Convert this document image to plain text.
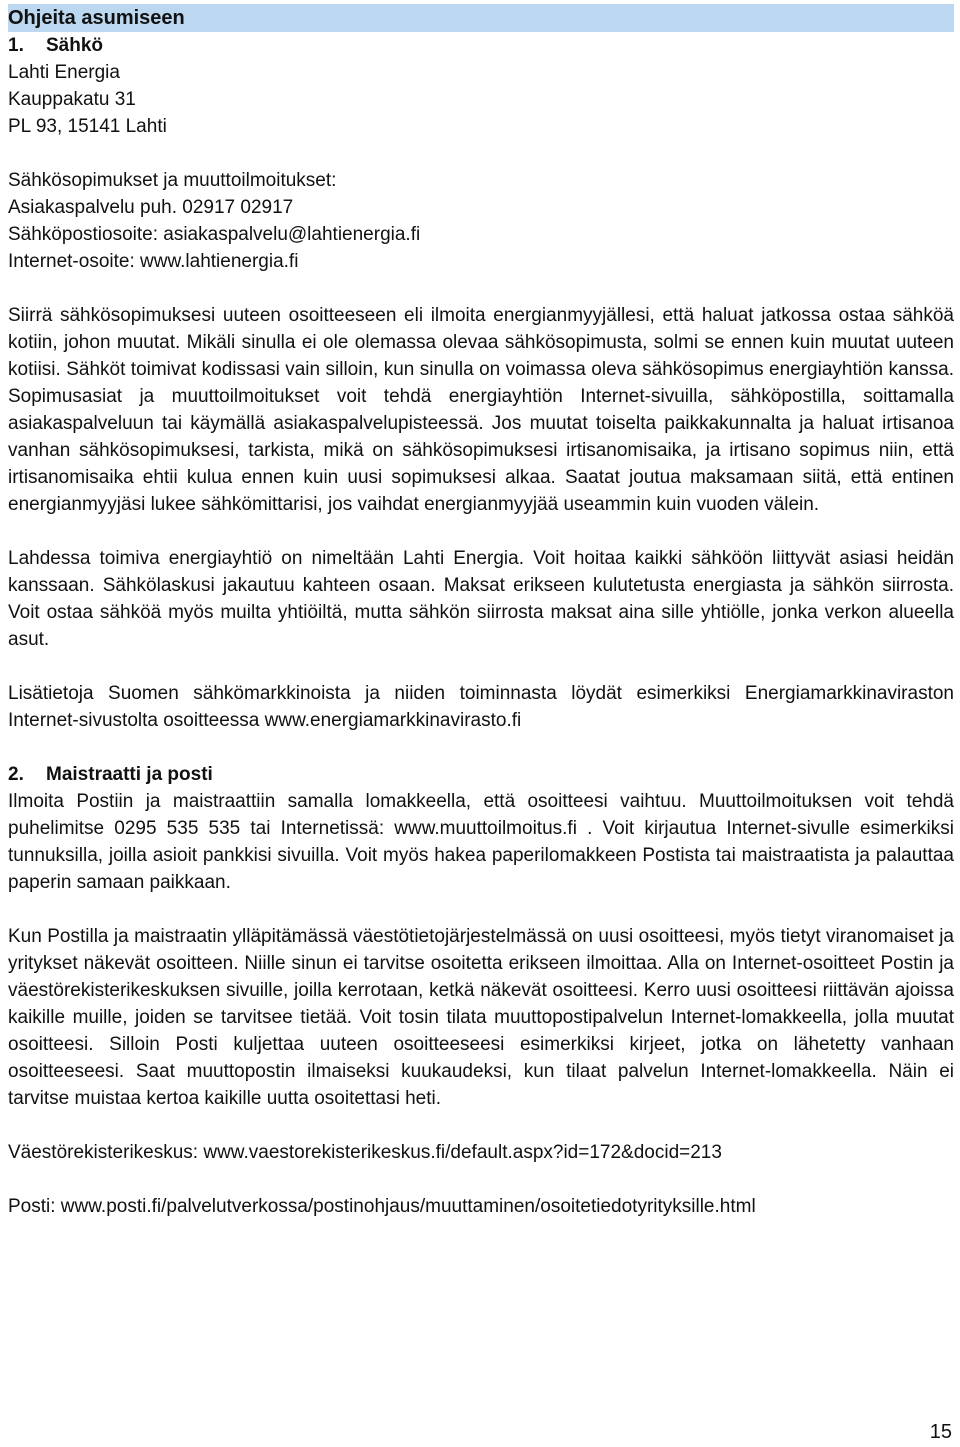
Ohjeita asumiseen
1. Sähkö
Lahti Energia
Kauppakatu 31
PL 93, 15141 Lahti
Sähkösopimukset ja muuttoilmoitukset:
Asiakaspalvelu puh. 02917 02917
Sähköpostiosoite: asiakaspalvelu@lahtienergia.fi
Internet-osoite: www.lahtienergia.fi
Siirrä sähkösopimuksesi uuteen osoitteeseen eli ilmoita energianmyyjällesi, että haluat jatkossa ostaa sähköä kotiin, johon muutat. Mikäli sinulla ei ole olemassa olevaa sähkösopimusta, solmi se ennen kuin muutat uuteen kotiisi. Sähköt toimivat kodissasi vain silloin, kun sinulla on voimassa oleva sähkösopimus energiayhtiön kanssa. Sopimusasiat ja muuttoilmoitukset voit tehdä energiayhtiön Internet-sivuilla, sähköpostilla, soittamalla asiakaspalveluun tai käymällä asiakaspalvelupisteessä. Jos muutat toiselta paikkakunnalta ja haluat irtisanoa vanhan sähkösopimuksesi, tarkista, mikä on sähkösopimuksesi irtisanomisaika, ja irtisano sopimus niin, että irtisanomisaika ehtii kulua ennen kuin uusi sopimuksesi alkaa. Saatat joutua maksamaan siitä, että entinen energianmyyjäsi lukee sähkömittarisi, jos vaihdat energianmyyjää useammin kuin vuoden välein.
Lahdessa toimiva energiayhtiö on nimeltään Lahti Energia. Voit hoitaa kaikki sähköön liittyvät asiasi heidän kanssaan. Sähkölaskusi jakautuu kahteen osaan. Maksat erikseen kulutetusta energiasta ja sähkön siirrosta. Voit ostaa sähköä myös muilta yhtiöiltä, mutta sähkön siirrosta maksat aina sille yhtiölle, jonka verkon alueella asut.
Lisätietoja Suomen sähkömarkkinoista ja niiden toiminnasta löydät esimerkiksi Energiamarkkinaviraston Internet-sivustolta osoitteessa www.energiamarkkinavirasto.fi
2. Maistraatti ja posti
Ilmoita Postiin ja maistraattiin samalla lomakkeella, että osoitteesi vaihtuu. Muuttoilmoituksen voit tehdä puhelimitse 0295 535 535 tai Internetissä: www.muuttoilmoitus.fi . Voit kirjautua Internet-sivulle esimerkiksi tunnuksilla, joilla asioit pankkisi sivuilla. Voit myös hakea paperilomakkeen Postista tai maistraatista ja palauttaa paperin samaan paikkaan.
Kun Postilla ja maistraatin ylläpitämässä väestötietojärjestelmässä on uusi osoitteesi, myös tietyt viranomaiset ja yritykset näkevät osoitteen. Niille sinun ei tarvitse osoitetta erikseen ilmoittaa. Alla on Internet-osoitteet Postin ja väestörekisterikeskuksen sivuille, joilla kerrotaan, ketkä näkevät osoitteesi. Kerro uusi osoitteesi riittävän ajoissa kaikille muille, joiden se tarvitsee tietää. Voit tosin tilata muuttopostipalvelun Internet-lomakkeella, jolla muutat osoitteesi. Silloin Posti kuljettaa uuteen osoitteeseesi esimerkiksi kirjeet, jotka on lähetetty vanhaan osoitteeseesi. Saat muuttopostin ilmaiseksi kuukaudeksi, kun tilaat palvelun Internet-lomakkeella. Näin ei tarvitse muistaa kertoa kaikille uutta osoitettasi heti.
Väestörekisterikeskus: www.vaestorekisterikeskus.fi/default.aspx?id=172&docid=213
Posti: www.posti.fi/palvelutverkossa/postinohjaus/muuttaminen/osoitetiedotyrityksille.html
15
